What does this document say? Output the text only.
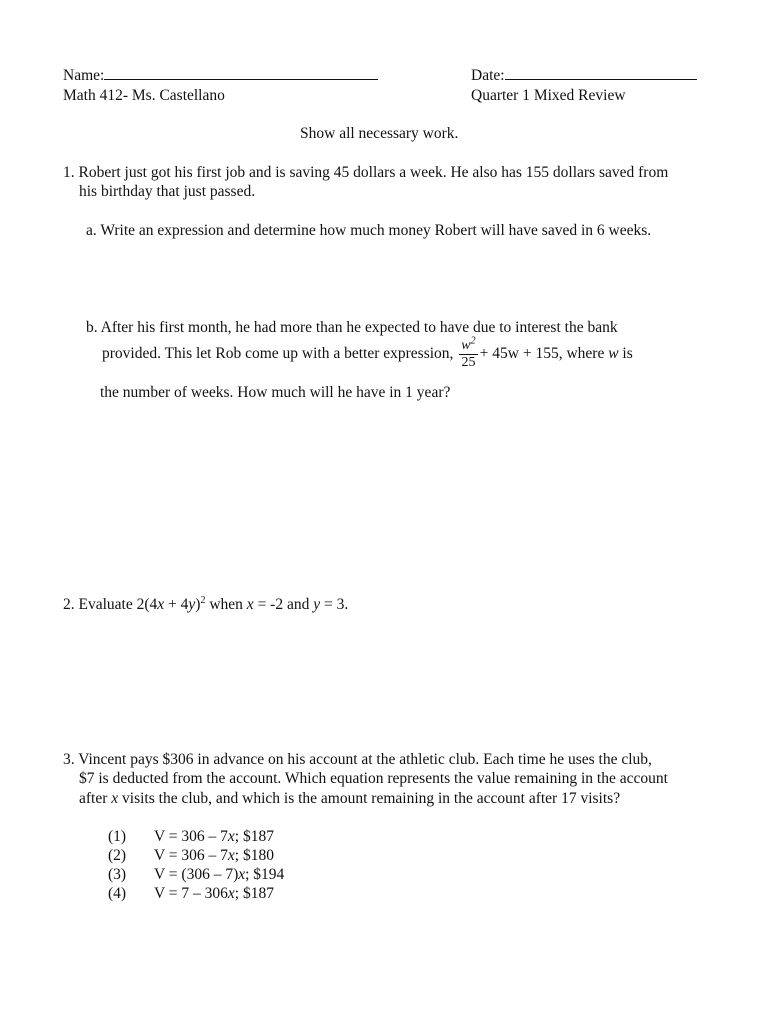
Name:	Date:
Math 412- Ms. Castellano	Quarter 1 Mixed Review
Show all necessary work.
1. Robert just got his first job and is saving 45 dollars a week. He also has 155 dollars saved from
his birthday that just passed.
a. Write an expression and determine how much money Robert will have saved in 6 weeks.
b. After his first month, he had more than he expected to have due to interest the bank
provided. This let Rob come up with a better expression, $\frac{w^2}{25} + 45w + 155$, where w is
the number of weeks. How much will he have in 1 year?
2. Evaluate $2(4x + 4y)^2$ when x = -2 and y = 3.
3. Vincent pays $306 in advance on his account at the athletic club. Each time he uses the club,
$7 is deducted from the account. Which equation represents the value remaining in the account
after x visits the club, and which is the amount remaining in the account after 17 visits?
(1) V = 306 – 7x; $187
(2) V = 306 – 7x; $180
(3) V = (306 – 7)x; $194
(4) V = 7 – 306x; $187
